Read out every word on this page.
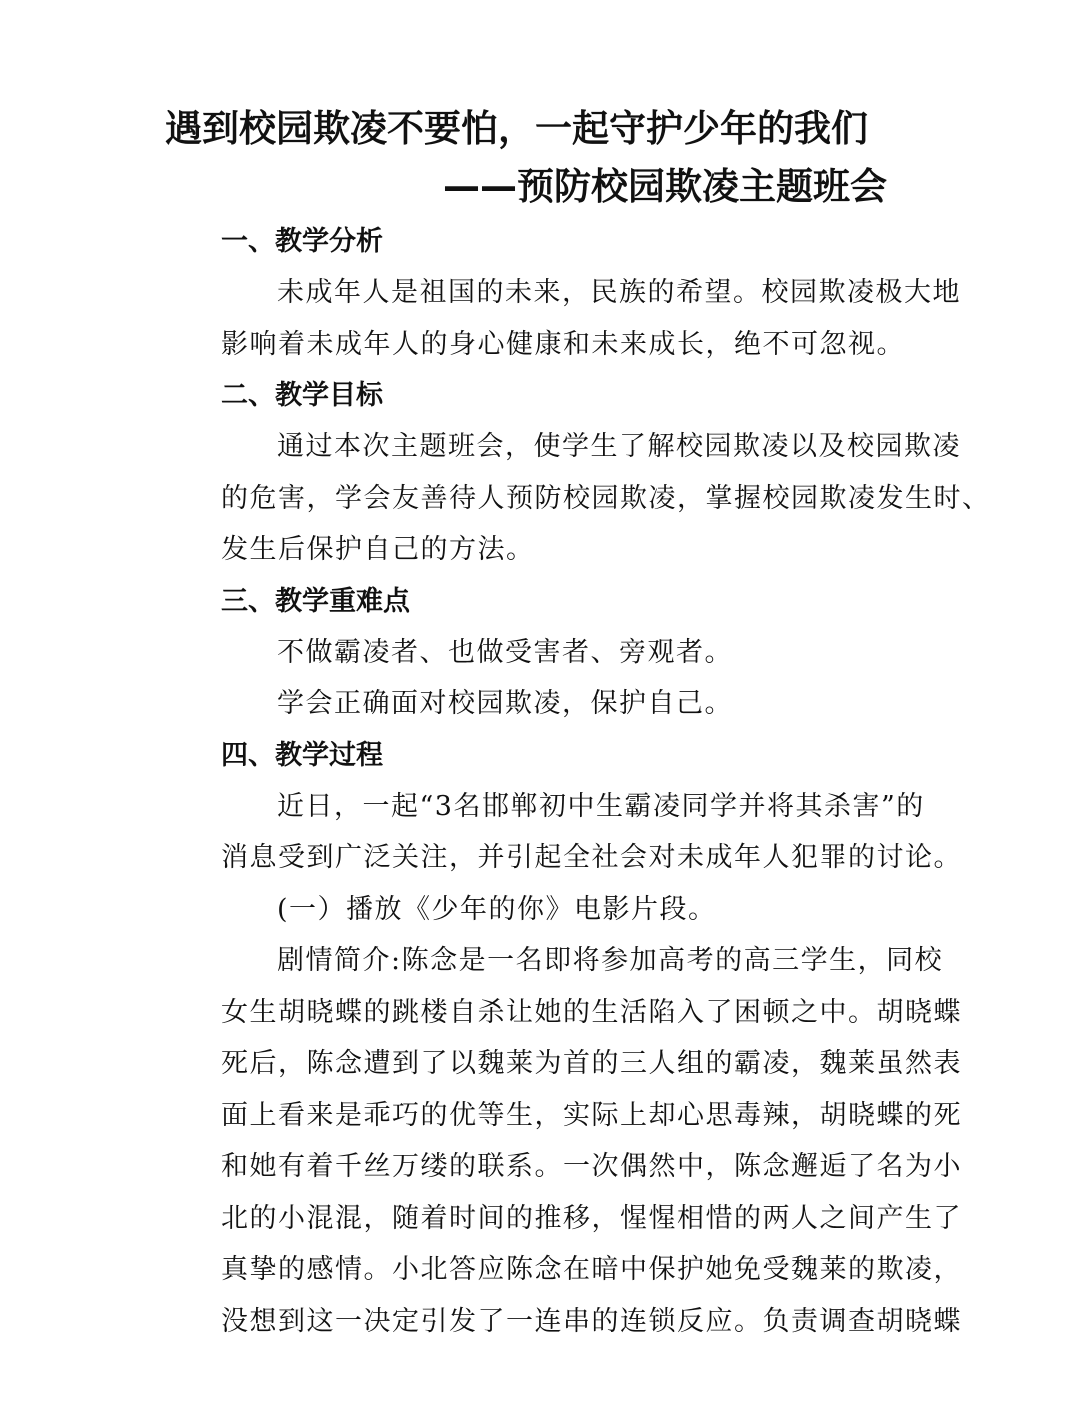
遇到校园欺凌不要怕，一起守护少年的我们
——预防校园欺凌主题班会
一、教学分析
未成年人是祖国的未来，民族的希望。校园欺凌极大地
影响着未成年人的身心健康和未来成长，绝不可忽视。
二、教学目标
通过本次主题班会，使学生了解校园欺凌以及校园欺凌
的危害，学会友善待人预防校园欺凌，掌握校园欺凌发生时、
发生后保护自己的方法。
三、教学重难点
不做霸凌者、也做受害者、旁观者。
学会正确面对校园欺凌，保护自己。
四、教学过程
近日，一起“3名邯郸初中生霸凌同学并将其杀害”的
消息受到广泛关注，并引起全社会对未成年人犯罪的讨论。
(一）播放《少年的你》电影片段。
剧情简介:陈念是一名即将参加高考的高三学生，同校
女生胡晓蝶的跳楼自杀让她的生活陷入了困顿之中。胡晓蝶
死后，陈念遭到了以魏莱为首的三人组的霸凌，魏莱虽然表
面上看来是乖巧的优等生，实际上却心思毒辣，胡晓蝶的死
和她有着千丝万缕的联系。一次偶然中，陈念邂逅了名为小
北的小混混，随着时间的推移，惺惺相惜的两人之间产生了
真挚的感情。小北答应陈念在暗中保护她免受魏莱的欺凌，
没想到这一决定引发了一连串的连锁反应。负责调查胡晓蝶
